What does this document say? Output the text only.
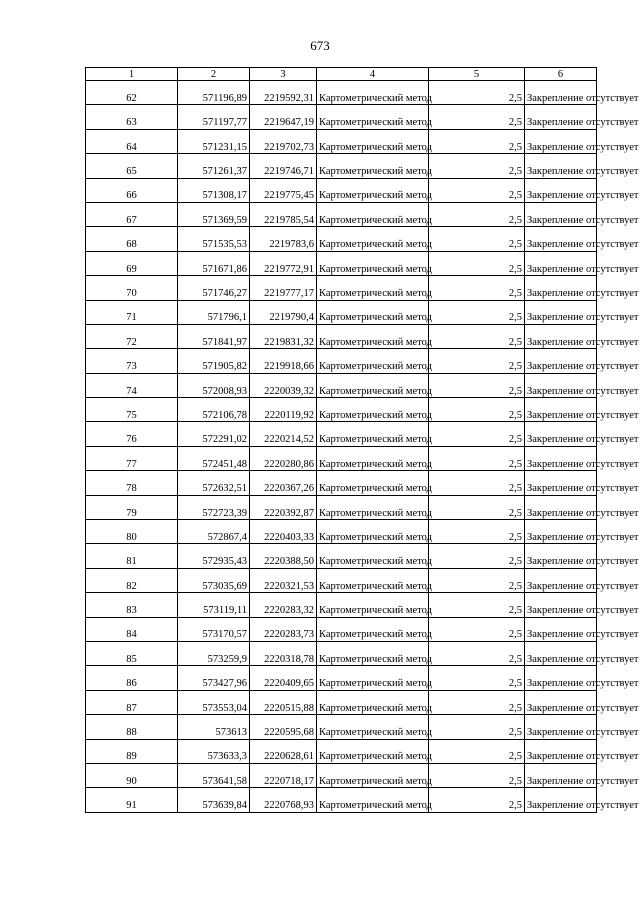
673
1	2	3	4	5	6
62	571196,89	2219592,31	Картометрический метод	2,5	Закрепление отсутствует
63	571197,77	2219647,19	Картометрический метод	2,5	Закрепление отсутствует
64	571231,15	2219702,73	Картометрический метод	2,5	Закрепление отсутствует
65	571261,37	2219746,71	Картометрический метод	2,5	Закрепление отсутствует
66	571308,17	2219775,45	Картометрический метод	2,5	Закрепление отсутствует
67	571369,59	2219785,54	Картометрический метод	2,5	Закрепление отсутствует
68	571535,53	2219783,6	Картометрический метод	2,5	Закрепление отсутствует
69	571671,86	2219772,91	Картометрический метод	2,5	Закрепление отсутствует
70	571746,27	2219777,17	Картометрический метод	2,5	Закрепление отсутствует
71	571796,1	2219790,4	Картометрический метод	2,5	Закрепление отсутствует
72	571841,97	2219831,32	Картометрический метод	2,5	Закрепление отсутствует
73	571905,82	2219918,66	Картометрический метод	2,5	Закрепление отсутствует
74	572008,93	2220039,32	Картометрический метод	2,5	Закрепление отсутствует
75	572106,78	2220119,92	Картометрический метод	2,5	Закрепление отсутствует
76	572291,02	2220214,52	Картометрический метод	2,5	Закрепление отсутствует
77	572451,48	2220280,86	Картометрический метод	2,5	Закрепление отсутствует
78	572632,51	2220367,26	Картометрический метод	2,5	Закрепление отсутствует
79	572723,39	2220392,87	Картометрический метод	2,5	Закрепление отсутствует
80	572867,4	2220403,33	Картометрический метод	2,5	Закрепление отсутствует
81	572935,43	2220388,50	Картометрический метод	2,5	Закрепление отсутствует
82	573035,69	2220321,53	Картометрический метод	2,5	Закрепление отсутствует
83	573119,11	2220283,32	Картометрический метод	2,5	Закрепление отсутствует
84	573170,57	2220283,73	Картометрический метод	2,5	Закрепление отсутствует
85	573259,9	2220318,78	Картометрический метод	2,5	Закрепление отсутствует
86	573427,96	2220409,65	Картометрический метод	2,5	Закрепление отсутствует
87	573553,04	2220515,88	Картометрический метод	2,5	Закрепление отсутствует
88	573613	2220595,68	Картометрический метод	2,5	Закрепление отсутствует
89	573633,3	2220628,61	Картометрический метод	2,5	Закрепление отсутствует
90	573641,58	2220718,17	Картометрический метод	2,5	Закрепление отсутствует
91	573639,84	2220768,93	Картометрический метод	2,5	Закрепление отсутствует
